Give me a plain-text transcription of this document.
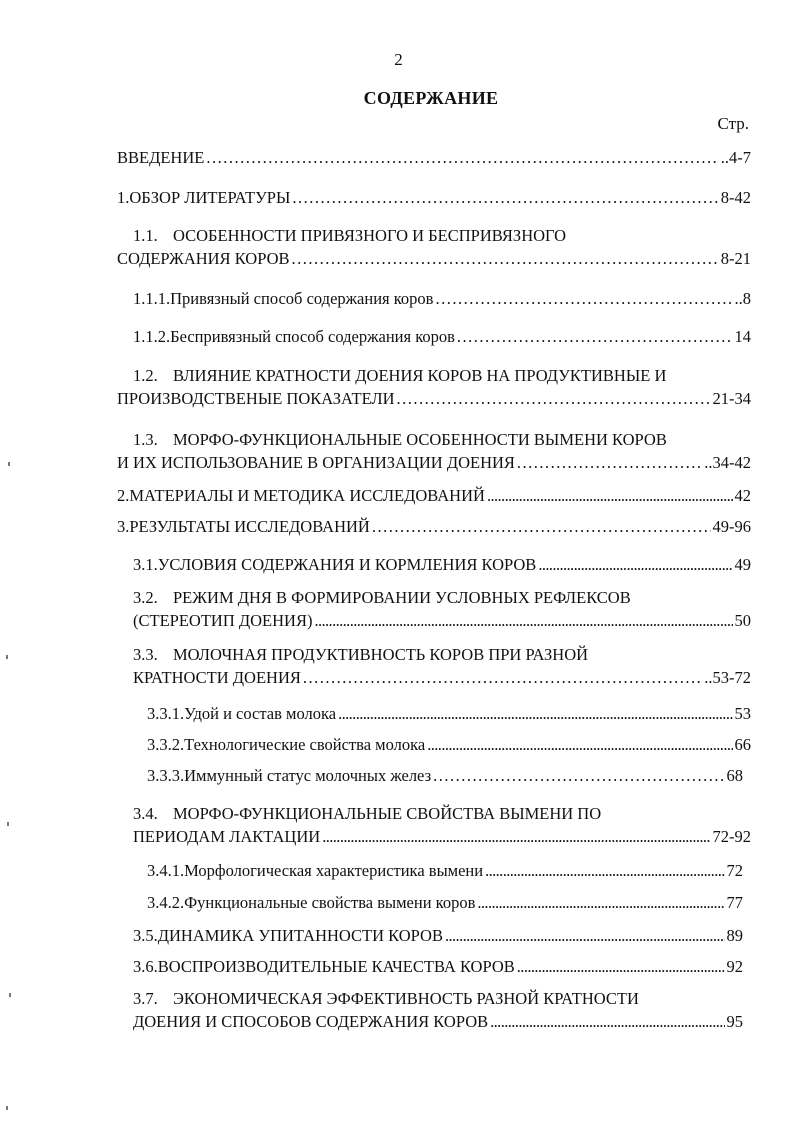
2
СОДЕРЖАНИЕ
Стр.
ВВЕДЕНИЕ .....	..4-7
1. ОБЗОР ЛИТЕРАТУРЫ .....	8-42
1.1. ОСОБЕННОСТИ ПРИВЯЗНОГО И БЕСПРИВЯЗНОГО
СОДЕРЖАНИЯ КОРОВ .....	8-21
1.1.1. Привязный способ содержания коров .....	..8
1.1.2. Беспривязный способ содержания коров .....	14
1.2. ВЛИЯНИЕ КРАТНОСТИ ДОЕНИЯ КОРОВ НА ПРОДУКТИВНЫЕ И
ПРОИЗВОДСТВЕНЫЕ ПОКАЗАТЕЛИ .....	21-34
1.3. МОРФО-ФУНКЦИОНАЛЬНЫЕ ОСОБЕННОСТИ ВЫМЕНИ КОРОВ
И ИХ ИСПОЛЬЗОВАНИЕ В ОРГАНИЗАЦИИ ДОЕНИЯ .....	..34-42
2. МАТЕРИАЛЫ И МЕТОДИКА ИССЛЕДОВАНИЙ .....	42
3. РЕЗУЛЬТАТЫ ИССЛЕДОВАНИЙ .....	49-96
3.1. УСЛОВИЯ СОДЕРЖАНИЯ И КОРМЛЕНИЯ КОРОВ .....	49
3.2. РЕЖИМ ДНЯ В ФОРМИРОВАНИИ УСЛОВНЫХ РЕФЛЕКСОВ
(СТЕРЕОТИП ДОЕНИЯ) .....	50
3.3. МОЛОЧНАЯ ПРОДУКТИВНОСТЬ КОРОВ ПРИ РАЗНОЙ
КРАТНОСТИ ДОЕНИЯ .....	..53-72
3.3.1. Удой и состав молока .....	53
3.3.2. Технологические свойства молока .....	66
3.3.3. Иммунный статус молочных желез .....	68
3.4. МОРФО-ФУНКЦИОНАЛЬНЫЕ СВОЙСТВА ВЫМЕНИ ПО
ПЕРИОДАМ ЛАКТАЦИИ .....	72-92
3.4.1. Морфологическая характеристика вымени .....	72
3.4.2. Функциональные свойства вымени коров .....	77
3.5. ДИНАМИКА УПИТАННОСТИ КОРОВ .....	89
3.6. ВОСПРОИЗВОДИТЕЛЬНЫЕ КАЧЕСТВА КОРОВ .....	92
3.7. ЭКОНОМИЧЕСКАЯ ЭФФЕКТИВНОСТЬ РАЗНОЙ КРАТНОСТИ
ДОЕНИЯ И СПОСОБОВ СОДЕРЖАНИЯ КОРОВ .....	95
